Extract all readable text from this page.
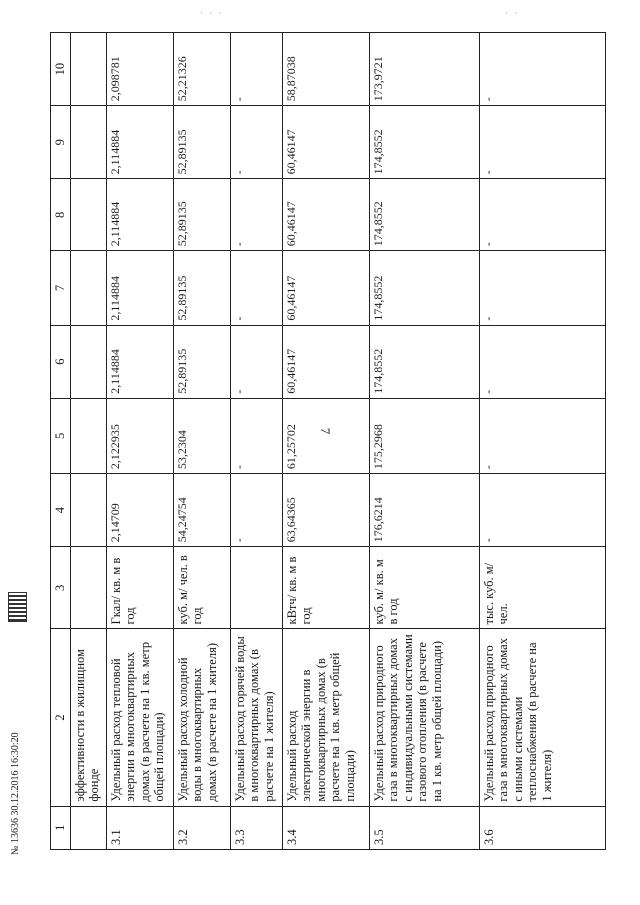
· · ·	· ·
7
1	2	3	4	5	6	7	8	9	10
	эффективности в жилищном фонде								
3.1	Удельный расход тепловой энергии в многоквартирных домах (в расчете на 1 кв. метр общей площади)	Гкал/ кв. м в год	2,14709	2,122935	2,114884	2,114884	2,114884	2,114884	2,098781
3.2	Удельный расход холодной воды в многоквартирных домах (в расчете на 1 жителя)	куб. м/ чел. в год	54,24754	53,2304	52,89135	52,89135	52,89135	52,89135	52,21326
3.3	Удельный расход горячей воды в многоквартирных домах (в расчете на 1 жителя)		-	-	-	-	-	-	-
3.4	Удельный расход электрической энергии в многоквартирных домах (в расчете на 1 кв. метр общей площади)	кВтч/ кв. м в год	63,64365	61,25702	60,46147	60,46147	60,46147	60,46147	58,87038
3.5	Удельный расход природного газа в многоквартирных домах с индивидуальными системами газового отопления (в расчете на 1 кв. метр общей площади)	куб. м/ кв. м в год	176,6214	175,2968	174,8552	174,8552	174,8552	174,8552	173,9721
3.6	Удельный расход природного газа в многоквартирных домах с иными системами теплоснабжения (в расчете на 1 жителя)	тыс. куб. м/ чел.	-	-	-	-	-	-	-
№ 13636 30.12.2016 16:30:20
